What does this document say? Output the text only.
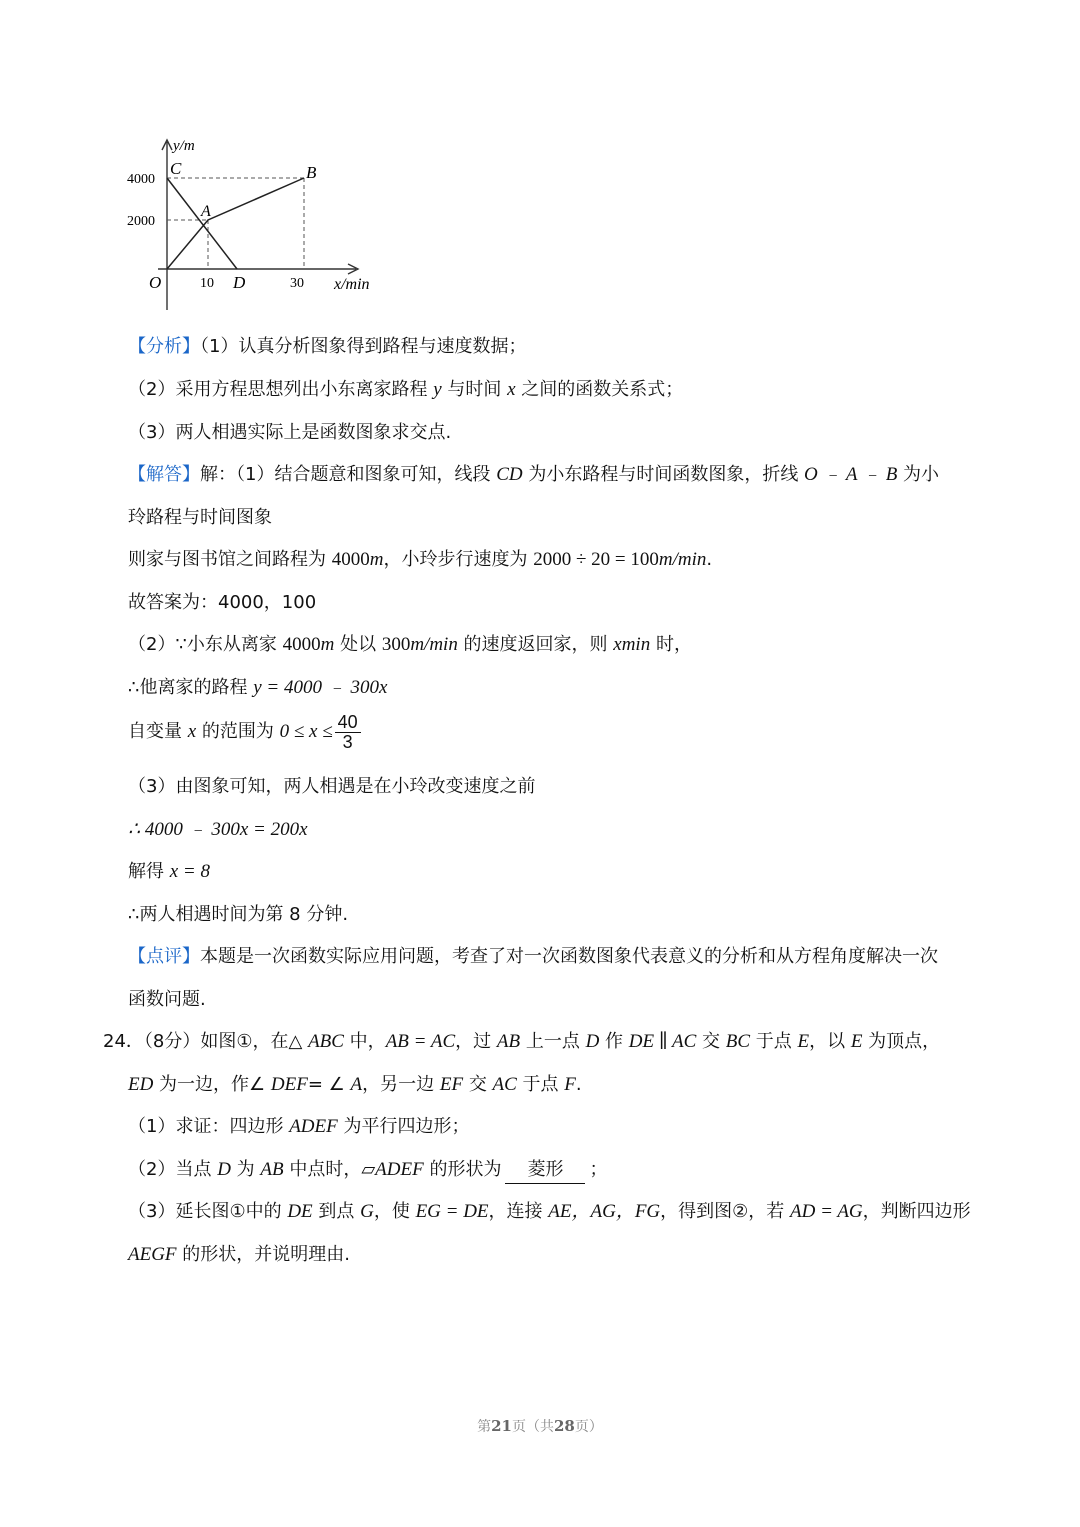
y/m
x/min
4000
2000
10	30
O
C	B
A
D
【分析】（1）认真分析图象得到路程与速度数据；
（2）采用方程思想列出小东离家路程 y 与时间 x 之间的函数关系式；
（3）两人相遇实际上是函数图象求交点.
【解答】解：（1）结合题意和图象可知，线段 CD 为小东路程与时间函数图象，折线 O ﹣ A ﹣ B 为小
玲路程与时间图象
则家与图书馆之间路程为 4000m，小玲步行速度为 2000 ÷ 20 = 100m/min.
故答案为：4000，100
（2）∵小东从离家 4000m 处以 300m/min 的速度返回家，则 xmin 时，
∴他离家的路程 y = 4000 ﹣ 300x
自变量 x 的范围为 $0 \le x \le \frac{40}{3}$
（3）由图象可知，两人相遇是在小玲改变速度之前
∴ 4000 ﹣ 300x = 200x
解得 x = 8
∴两人相遇时间为第 8 分钟.
【点评】本题是一次函数实际应用问题，考查了对一次函数图象代表意义的分析和从方程角度解决一次
函数问题.
24．（8分）如图①，在△ ABC 中，AB = AC，过 AB 上一点 D 作 DE ∥ AC 交 BC 于点 E，以 E 为顶点，
ED 为一边，作∠ DEF= ∠ A，另一边 EF 交 AC 于点 F.
（1）求证：四边形 ADEF 为平行四边形；
（2）当点 D 为 AB 中点时，▱ADEF 的形状为 菱形 ；
（3）延长图①中的 DE 到点 G，使 EG = DE，连接 AE，AG，FG，得到图②，若 AD = AG，判断四边形
AEGF 的形状，并说明理由.
第21页（共28页）
